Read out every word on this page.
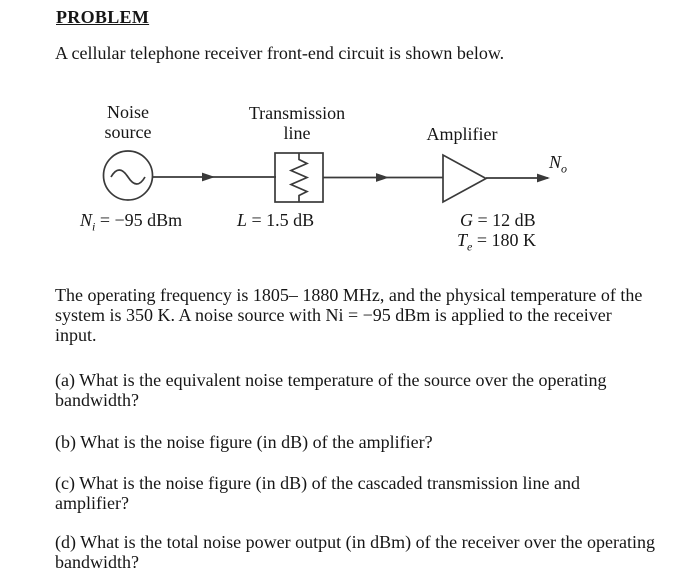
PROBLEM
A cellular telephone receiver front-end circuit is shown below.
Noise
source
Transmission
line	Amplifier
$N_o$
$N_i = -95$ dBm	L = 1.5 dB	G = 12 dB
$T_e = 180$ K
The operating frequency is 1805– 1880 MHz, and the physical temperature of the
system is 350 K. A noise source with Ni = −95 dBm is applied to the receiver
input.
(a) What is the equivalent noise temperature of the source over the operating
bandwidth?
(b) What is the noise figure (in dB) of the amplifier?
(c) What is the noise figure (in dB) of the cascaded transmission line and
amplifier?
(d) What is the total noise power output (in dBm) of the receiver over the operating
bandwidth?
